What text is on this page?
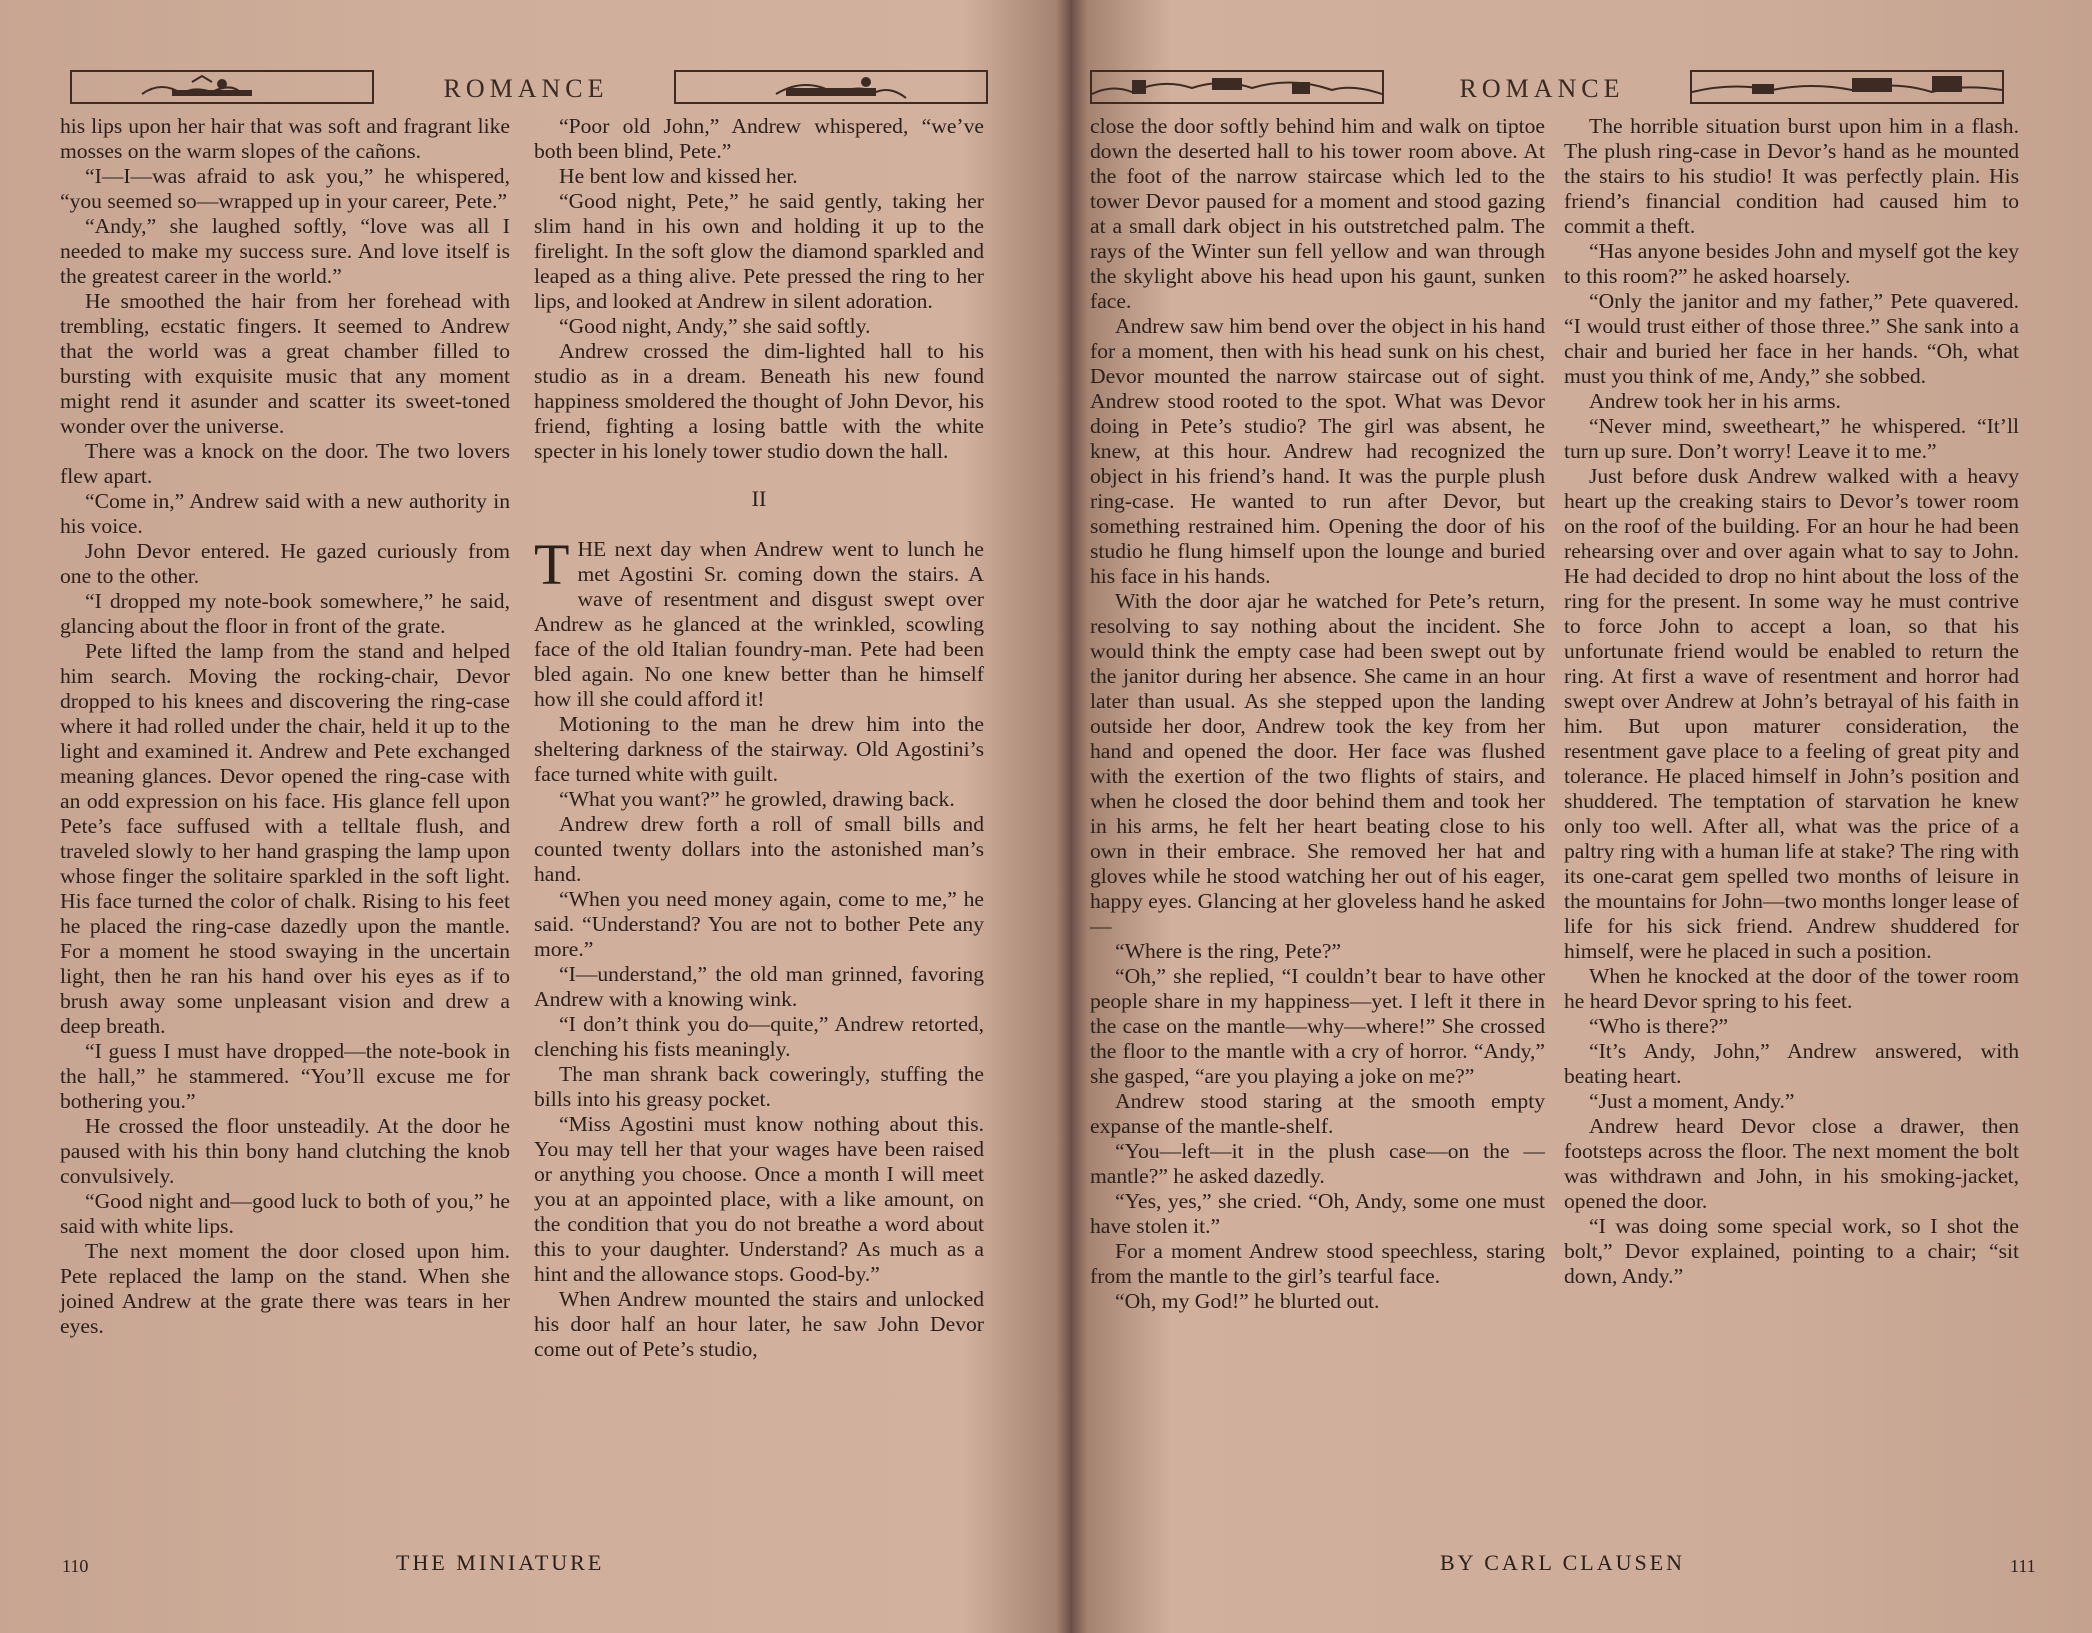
ROMANCE

his lips upon her hair that was soft and fragrant like mosses on the warm slopes of the cañons.

“I—I—was afraid to ask you,” he whispered, “you seemed so—wrapped up in your career, Pete.”

“Andy,” she laughed softly, “love was all I needed to make my success sure. And love itself is the greatest career in the world.”

He smoothed the hair from her forehead with trembling, ecstatic fingers. It seemed to Andrew that the world was a great chamber filled to bursting with exquisite music that any moment might rend it asunder and scatter its sweet-toned wonder over the universe.

There was a knock on the door. The two lovers flew apart.

“Come in,” Andrew said with a new authority in his voice.

John Devor entered. He gazed curiously from one to the other.

“I dropped my note-book somewhere,” he said, glancing about the floor in front of the grate.

Pete lifted the lamp from the stand and helped him search. Moving the rocking-chair, Devor dropped to his knees and discovering the ring-case where it had rolled under the chair, held it up to the light and examined it. Andrew and Pete exchanged meaning glances. Devor opened the ring-case with an odd expression on his face. His glance fell upon Pete’s face suffused with a telltale flush, and traveled slowly to her hand grasping the lamp upon whose finger the solitaire sparkled in the soft light. His face turned the color of chalk. Rising to his feet he placed the ring-case dazedly upon the mantle. For a moment he stood swaying in the uncertain light, then he ran his hand over his eyes as if to brush away some unpleasant vision and drew a deep breath.

“I guess I must have dropped—the note-book in the hall,” he stammered. “You’ll excuse me for bothering you.”

He crossed the floor unsteadily. At the door he paused with his thin bony hand clutching the knob convulsively.

“Good night and—good luck to both of you,” he said with white lips.

The next moment the door closed upon him. Pete replaced the lamp on the stand. When she joined Andrew at the grate there was tears in her eyes.

“Poor old John,” Andrew whispered, “we’ve both been blind, Pete.”

He bent low and kissed her.

“Good night, Pete,” he said gently, taking her slim hand in his own and holding it up to the firelight. In the soft glow the diamond sparkled and leaped as a thing alive. Pete pressed the ring to her lips, and looked at Andrew in silent adoration.

“Good night, Andy,” she said softly.

Andrew crossed the dim-lighted hall to his studio as in a dream. Beneath his new found happiness smoldered the thought of John Devor, his friend, fighting a losing battle with the white specter in his lonely tower studio down the hall.

II

THE next day when Andrew went to lunch he met Agostini Sr. coming down the stairs. A wave of resentment and disgust swept over Andrew as he glanced at the wrinkled, scowling face of the old Italian foundry-man. Pete had been bled again. No one knew better than he himself how ill she could afford it!

Motioning to the man he drew him into the sheltering darkness of the stairway. Old Agostini’s face turned white with guilt.

“What you want?” he growled, drawing back.

Andrew drew forth a roll of small bills and counted twenty dollars into the astonished man’s hand.

“When you need money again, come to me,” he said. “Understand? You are not to bother Pete any more.”

“I—understand,” the old man grinned, favoring Andrew with a knowing wink.

“I don’t think you do—quite,” Andrew retorted, clenching his fists meaningly.

The man shrank back coweringly, stuffing the bills into his greasy pocket.

“Miss Agostini must know nothing about this. You may tell her that your wages have been raised or anything you choose. Once a month I will meet you at an appointed place, with a like amount, on the condition that you do not breathe a word about this to your daughter. Understand? As much as a hint and the allowance stops. Good-by.”

When Andrew mounted the stairs and unlocked his door half an hour later, he saw John Devor come out of Pete’s studio,

110	THE MINIATURE
ROMANCE

close the door softly behind him and walk on tiptoe down the deserted hall to his tower room above. At the foot of the narrow staircase which led to the tower Devor paused for a moment and stood gazing at a small dark object in his outstretched palm. The rays of the Winter sun fell yellow and wan through the skylight above his head upon his gaunt, sunken face.

Andrew saw him bend over the object in his hand for a moment, then with his head sunk on his chest, Devor mounted the narrow staircase out of sight. Andrew stood rooted to the spot. What was Devor doing in Pete’s studio? The girl was absent, he knew, at this hour. Andrew had recognized the object in his friend’s hand. It was the purple plush ring-case. He wanted to run after Devor, but something restrained him. Opening the door of his studio he flung himself upon the lounge and buried his face in his hands.

With the door ajar he watched for Pete’s return, resolving to say nothing about the incident. She would think the empty case had been swept out by the janitor during her absence. She came in an hour later than usual. As she stepped upon the landing outside her door, Andrew took the key from her hand and opened the door. Her face was flushed with the exertion of the two flights of stairs, and when he closed the door behind them and took her in his arms, he felt her heart beating close to his own in their embrace. She removed her hat and gloves while he stood watching her out of his eager, happy eyes. Glancing at her gloveless hand he asked—

“Where is the ring, Pete?”

“Oh,” she replied, “I couldn’t bear to have other people share in my happiness—yet. I left it there in the case on the mantle—why—where!” She crossed the floor to the mantle with a cry of horror. “Andy,” she gasped, “are you playing a joke on me?”

Andrew stood staring at the smooth empty expanse of the mantle-shelf.

“You—left—it in the plush case—on the —mantle?” he asked dazedly.

“Yes, yes,” she cried. “Oh, Andy, some one must have stolen it.”

For a moment Andrew stood speechless, staring from the mantle to the girl’s tearful face.

“Oh, my God!” he blurted out.

The horrible situation burst upon him in a flash. The plush ring-case in Devor’s hand as he mounted the stairs to his studio! It was perfectly plain. His friend’s financial condition had caused him to commit a theft.

“Has anyone besides John and myself got the key to this room?” he asked hoarsely.

“Only the janitor and my father,” Pete quavered. “I would trust either of those three.” She sank into a chair and buried her face in her hands. “Oh, what must you think of me, Andy,” she sobbed.

Andrew took her in his arms.

“Never mind, sweetheart,” he whispered. “It’ll turn up sure. Don’t worry! Leave it to me.”

Just before dusk Andrew walked with a heavy heart up the creaking stairs to Devor’s tower room on the roof of the building. For an hour he had been rehearsing over and over again what to say to John. He had decided to drop no hint about the loss of the ring for the present. In some way he must contrive to force John to accept a loan, so that his unfortunate friend would be enabled to return the ring. At first a wave of resentment and horror had swept over Andrew at John’s betrayal of his faith in him. But upon maturer consideration, the resentment gave place to a feeling of great pity and tolerance. He placed himself in John’s position and shuddered. The temptation of starvation he knew only too well. After all, what was the price of a paltry ring with a human life at stake? The ring with its one-carat gem spelled two months of leisure in the mountains for John—two months longer lease of life for his sick friend. Andrew shuddered for himself, were he placed in such a position.

When he knocked at the door of the tower room he heard Devor spring to his feet.

“Who is there?”

“It’s Andy, John,” Andrew answered, with beating heart.

“Just a moment, Andy.”

Andrew heard Devor close a drawer, then footsteps across the floor. The next moment the bolt was withdrawn and John, in his smoking-jacket, opened the door.

“I was doing some special work, so I shot the bolt,” Devor explained, pointing to a chair; “sit down, Andy.”

BY CARL CLAUSEN	111
